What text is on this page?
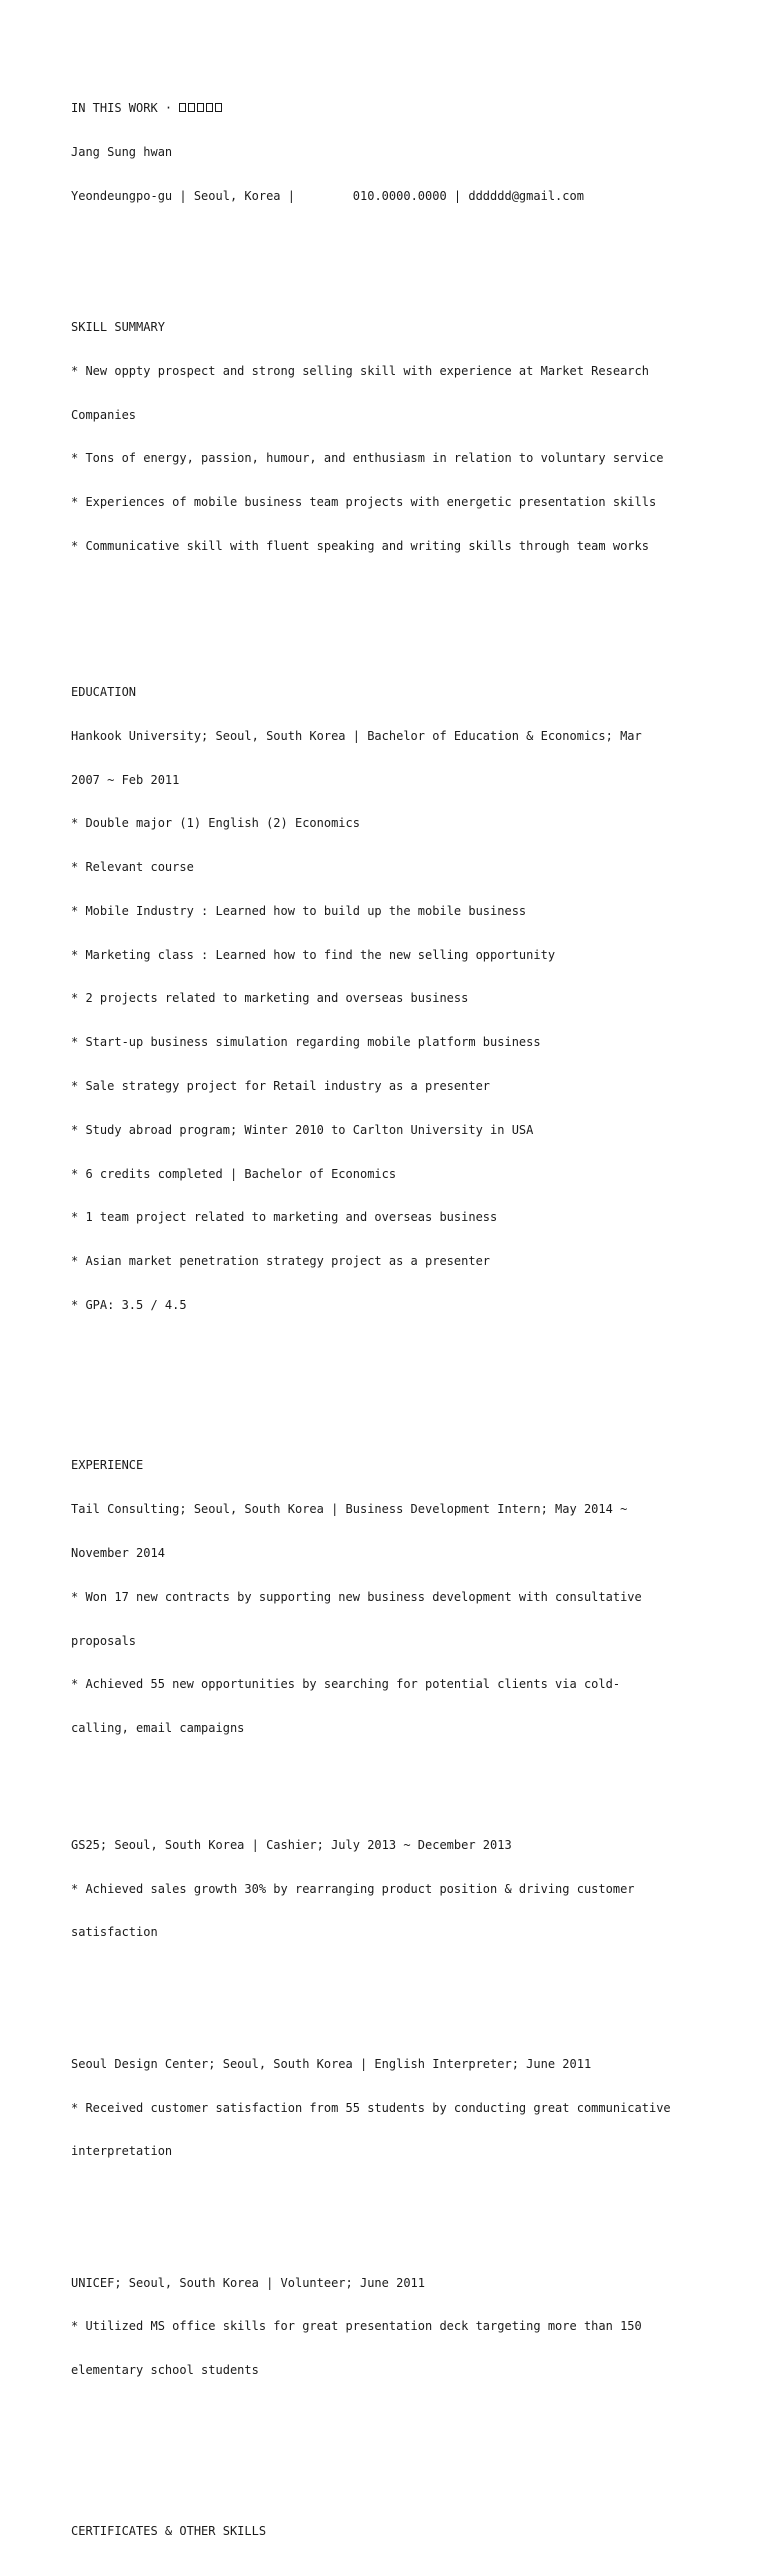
IN THIS WORK ·

Jang Sung hwan

Yeondeungpo-gu | Seoul, Korea |	010.0000.0000 | dddddd@gmail.com

SKILL SUMMARY

* New oppty prospect and strong selling skill with experience at Market Research

Companies

* Tons of energy, passion, humour, and enthusiasm in relation to voluntary service

* Experiences of mobile business team projects with energetic presentation skills

* Communicative skill with fluent speaking and writing skills through team works

EDUCATION

Hankook University; Seoul, South Korea | Bachelor of Education & Economics; Mar

2007 ~ Feb 2011

* Double major (1) English (2) Economics

* Relevant course

* Mobile Industry : Learned how to build up the mobile business

* Marketing class : Learned how to find the new selling opportunity

* 2 projects related to marketing and overseas business

* Start-up business simulation regarding mobile platform business

* Sale strategy project for Retail industry as a presenter

* Study abroad program; Winter 2010 to Carlton University in USA

* 6 credits completed | Bachelor of Economics

* 1 team project related to marketing and overseas business

* Asian market penetration strategy project as a presenter

* GPA: 3.5 / 4.5

EXPERIENCE

Tail Consulting; Seoul, South Korea | Business Development Intern; May 2014 ~

November 2014

* Won 17 new contracts by supporting new business development with consultative

proposals

* Achieved 55 new opportunities by searching for potential clients via cold-

calling, email campaigns

GS25; Seoul, South Korea | Cashier; July 2013 ~ December 2013

* Achieved sales growth 30% by rearranging product position & driving customer

satisfaction

Seoul Design Center; Seoul, South Korea | English Interpreter; June 2011

* Received customer satisfaction from 55 students by conducting great communicative

interpretation

UNICEF; Seoul, South Korea | Volunteer; June 2011

* Utilized MS office skills for great presentation deck targeting more than 150

elementary school students

CERTIFICATES & OTHER SKILLS
